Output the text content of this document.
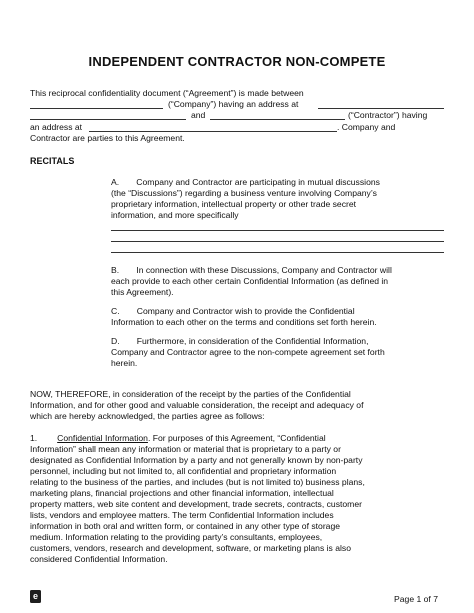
INDEPENDENT CONTRACTOR NON-COMPETE
This reciprocal confidentiality document (“Agreement”) is made between
(“Company”) having an address at
and	(“Contractor”) having
an address at	. Company and
Contractor are parties to this Agreement.
RECITALS
A.  Company and Contractor are participating in mutual discussions
(the “Discussions”) regarding a business venture involving Company’s
proprietary information, intellectual property or other trade secret
information, and more specifically
B.  In connection with these Discussions, Company and Contractor will
each provide to each other certain Confidential Information (as defined in
this Agreement).
C.  Company and Contractor wish to provide the Confidential
Information to each other on the terms and conditions set forth herein.
D.  Furthermore, in consideration of the Confidential Information,
Company and Contractor agree to the non-compete agreement set forth
herein.
NOW, THEREFORE, in consideration of the receipt by the parties of the Confidential
Information, and for other good and valuable consideration, the receipt and adequacy of
which are hereby acknowledged, the parties agree as follows:
1. Confidential Information. For purposes of this Agreement, “Confidential
Information” shall mean any information or material that is proprietary to a party or
designated as Confidential Information by a party and not generally known by non-party
personnel, including but not limited to, all confidential and proprietary information
relating to the business of the parties, and includes (but is not limited to) business plans,
marketing plans, financial projections and other financial information, intellectual
property matters, web site content and development, trade secrets, contracts, customer
lists, vendors and employee matters. The term Confidential Information includes
information in both oral and written form, or contained in any other type of storage
medium. Information relating to the providing party’s consultants, employees,
customers, vendors, research and development, software, or marketing plans is also
considered Confidential Information.
e	Page 1 of 7
